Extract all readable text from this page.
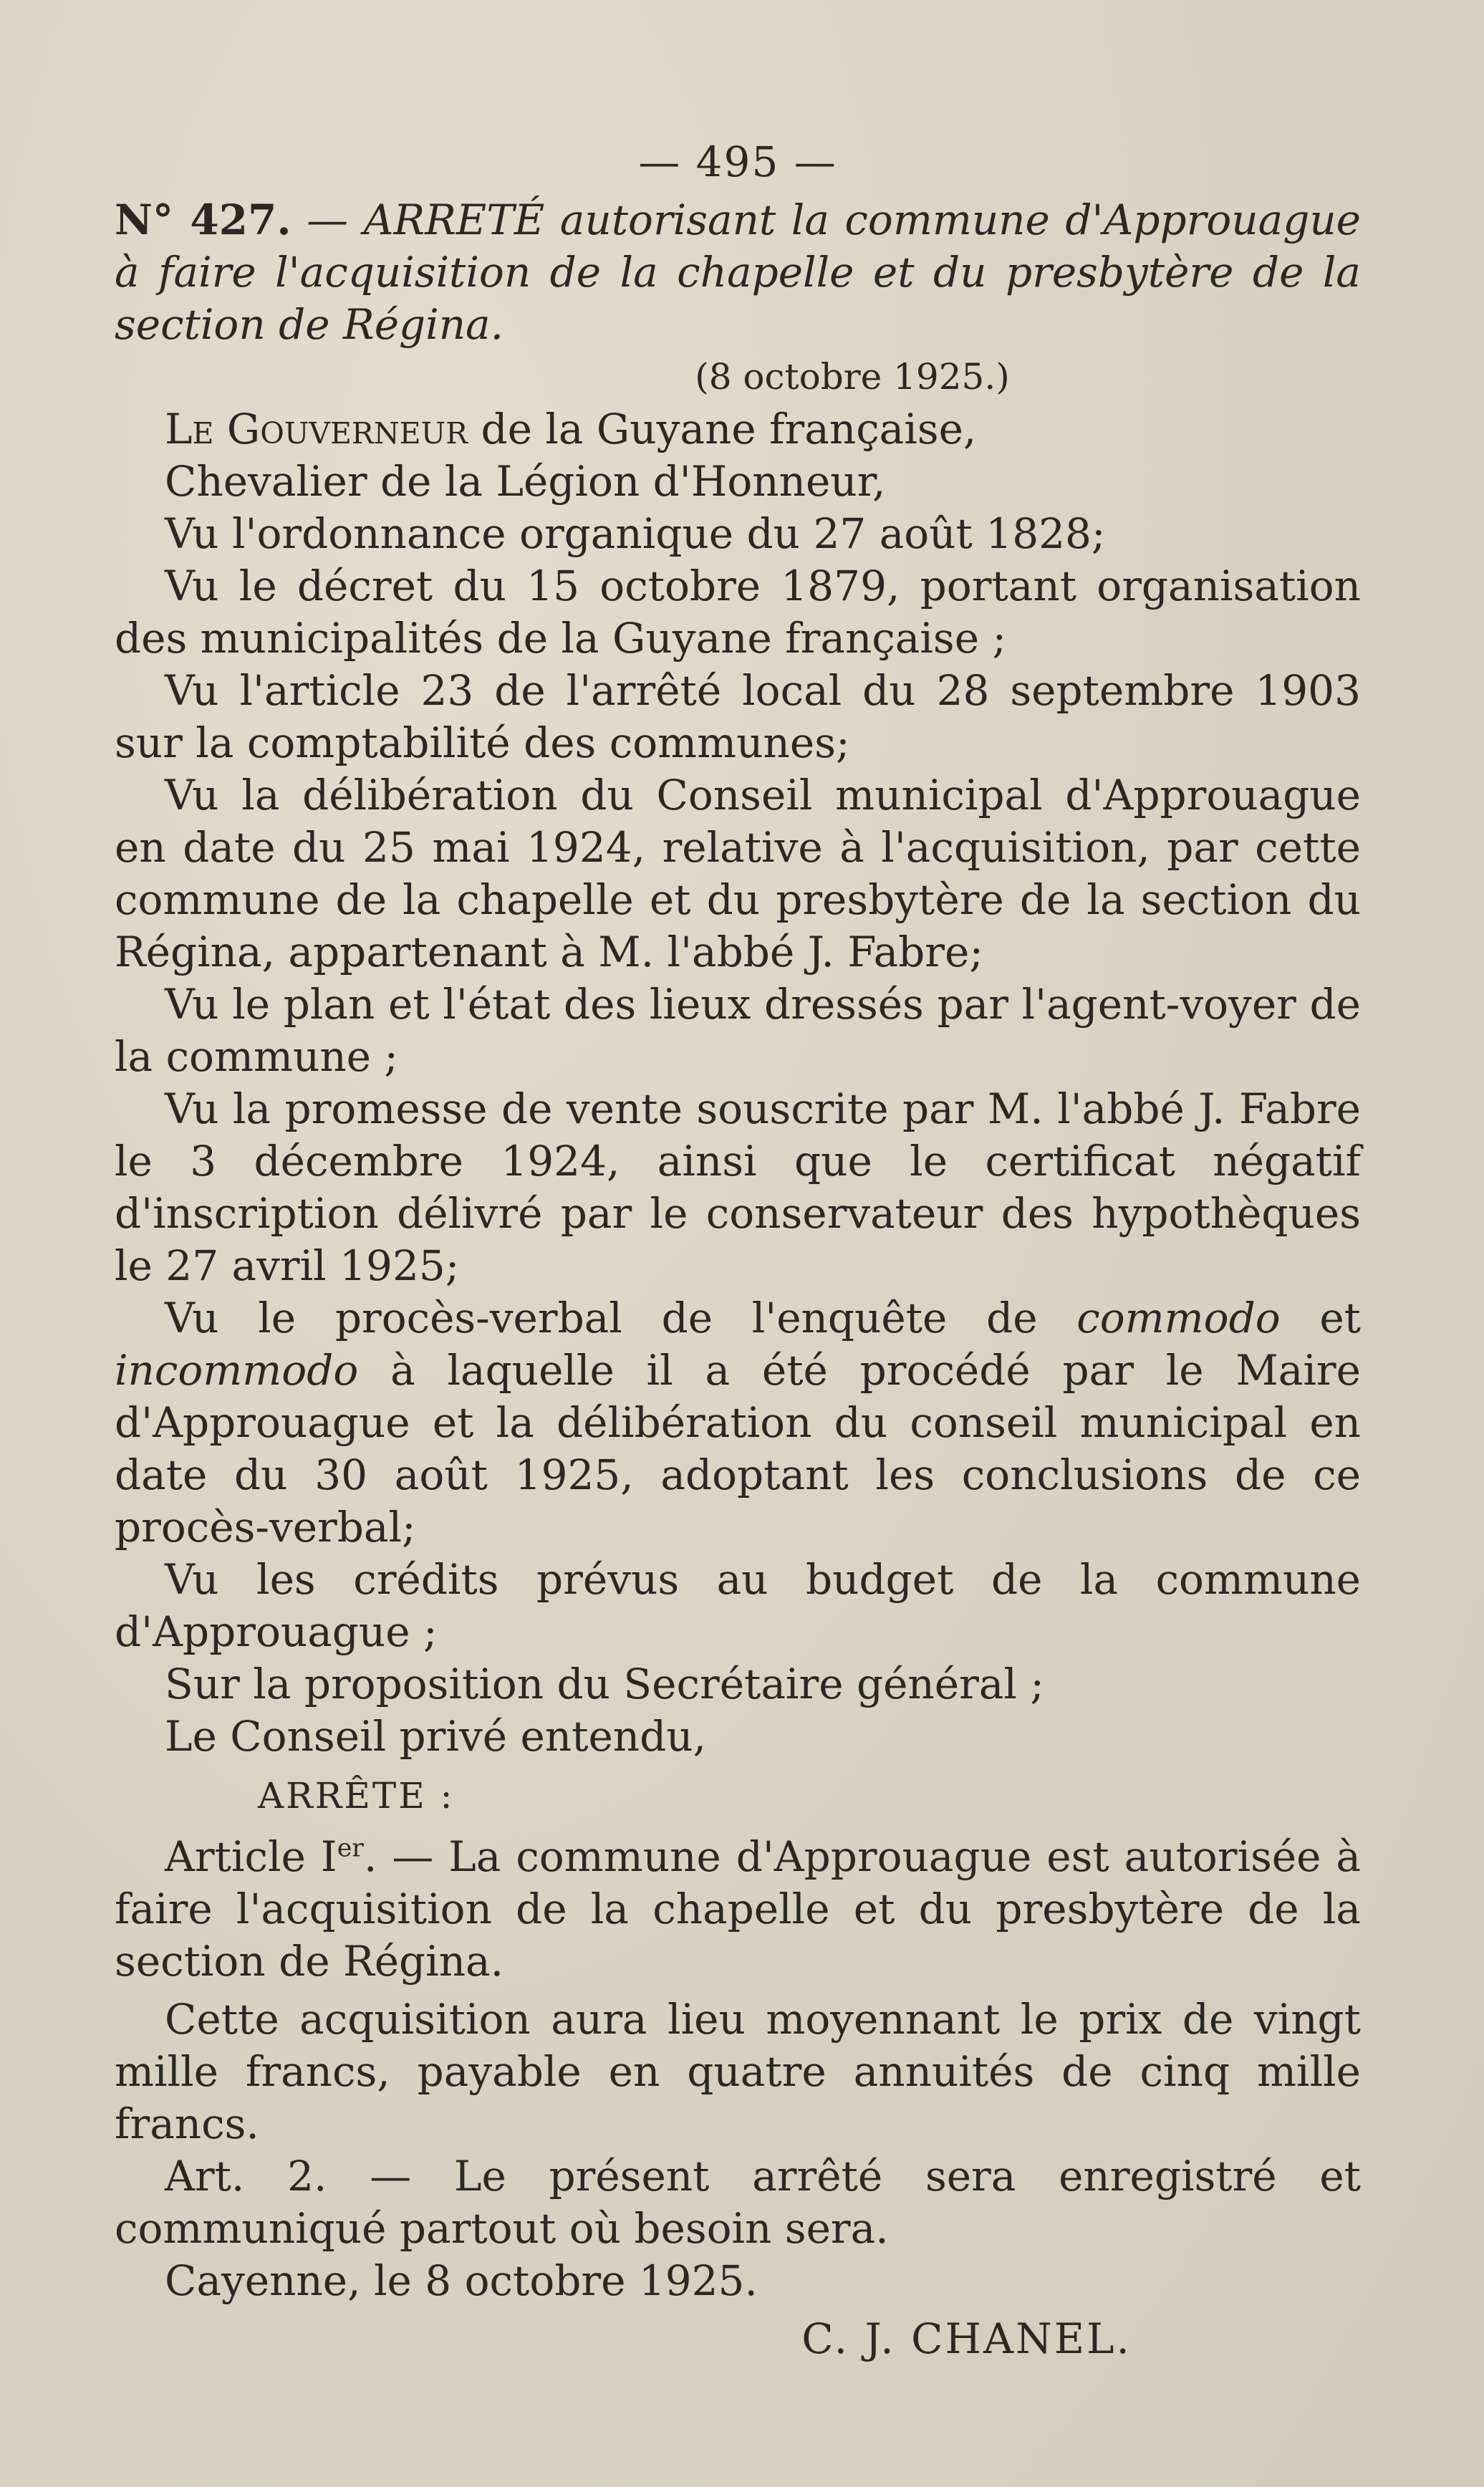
— 495 —
N° 427. — ARRETÉ autorisant la commune d'Approuague à faire l'acquisition de la chapelle et du presbytère de la section de Régina.
(8 octobre 1925.)

Le Gouverneur de la Guyane française,

Chevalier de la Légion d'Honneur,

Vu l'ordonnance organique du 27 août 1828;

Vu le décret du 15 octobre 1879, portant organisation des municipalités de la Guyane française ;

Vu l'article 23 de l'arrêté local du 28 septembre 1903 sur la comptabilité des communes;

Vu la délibération du Conseil municipal d'Approuague en date du 25 mai 1924, relative à l'acquisition, par cette commune de la chapelle et du presbytère de la section du Régina, appartenant à M. l'abbé J. Fabre;

Vu le plan et l'état des lieux dressés par l'agent-voyer de la commune ;

Vu la promesse de vente souscrite par M. l'abbé J. Fabre le 3 décembre 1924, ainsi que le certificat négatif d'inscription délivré par le conservateur des hypothèques le 27 avril 1925;

Vu le procès-verbal de l'enquête de commodo et incommodo à laquelle il a été procédé par le Maire d'Approuague et la délibération du conseil municipal en date du 30 août 1925, adoptant les conclusions de ce procès-verbal;

Vu les crédits prévus au budget de la commune d'Approuague ;

Sur la proposition du Secrétaire général ;

Le Conseil privé entendu,

ARRÊTE :

Article Ier. — La commune d'Approuague est autorisée à faire l'acquisition de la chapelle et du presbytère de la section de Régina.

Cette acquisition aura lieu moyennant le prix de vingt mille francs, payable en quatre annuités de cinq mille francs.

Art. 2. — Le présent arrêté sera enregistré et communiqué partout où besoin sera.

Cayenne, le 8 octobre 1925.

C. J. CHANEL.
